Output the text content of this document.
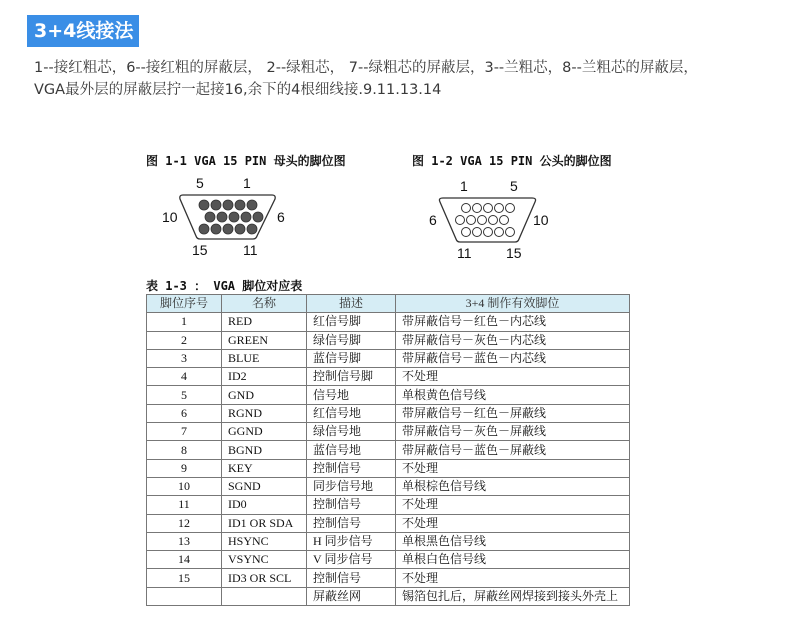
3+4线接法
1--接红粗芯，6--接红粗的屏蔽层， 2--绿粗芯， 7--绿粗芯的屏蔽层，3--兰粗芯，8--兰粗芯的屏蔽层，
VGA最外层的屏蔽层拧一起接16,余下的4根细线接.9.11.13.14
图 1-1 VGA 15 PIN 母头的脚位图	图 1-2 VGA 15 PIN 公头的脚位图
5	1
10	6
15	11
1	5
6	10
11 15
表 1-3 ： VGA 脚位对应表
脚位序号	名称	描述	3+4 制作有效脚位
1	RED	红信号脚	带屏蔽信号－红色－内芯线
2	GREEN	绿信号脚	带屏蔽信号－灰色－内芯线
3	BLUE	蓝信号脚	带屏蔽信号－蓝色－内芯线
4	ID2	控制信号脚	不处理
5	GND	信号地	单根黄色信号线
6	RGND	红信号地	带屏蔽信号－红色－屏蔽线
7	GGND	绿信号地	带屏蔽信号－灰色－屏蔽线
8	BGND	蓝信号地	带屏蔽信号－蓝色－屏蔽线
9	KEY	控制信号	不处理
10	SGND	同步信号地	单根棕色信号线
11	ID0	控制信号	不处理
12	ID1 OR SDA	控制信号	不处理
13	HSYNC	H 同步信号	单根黑色信号线
14	VSYNC	V 同步信号	单根白色信号线
15	ID3 OR SCL	控制信号	不处理
		屏蔽丝网	锡箔包扎后，屏蔽丝网焊接到接头外壳上
